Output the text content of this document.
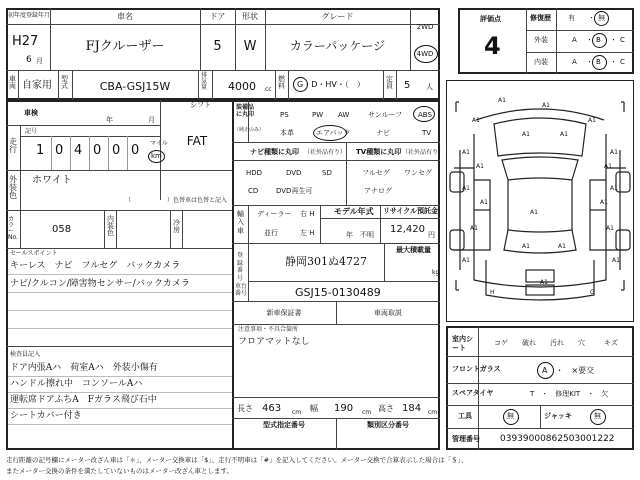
初年度登録年月	車名	ドア	形状	グレード
H27
6 月
FJクルーザー	5	W	カラーパッケージ
2WD
4WD
車両 自家用
型式	CBA-GSJ15W
排気量 4000 cc
燃料 G・D・HV・（　）
定員 5 人
シフト
FAT
車検
年	月
走行
記号
1 0 4 0 0 0 マイル
km
外装色
ホワイト
（　　　　　　）色替車は色替と記入
カラーNo.
058
内装色
冷房
セールスポイント
キーレス　ナビ　フルセグ　バックカメラ
ナビ/クルコン/障害物センサー/バックカメラ
検査員記入
ドア内張Aハ　荷室Aハ　外装小傷有
ハンドル擦れ中　コンソールAハ
運転席ドアふちA　Fガラス飛び石中
シートカバー付き
装備品に丸印
（純正のみ）
PS	PW AW	サンルーフ ABS
本革	エアバック	ナビ	TV
ナビ種類に丸印 （社外品有り） TV種類に丸印 （社外品有り）
HDD	DVD	SD
CD	DVD再生可
フルセグ ワンセグ
アナログ
輸入車
ディーラー 右 H
並行	左 H
モデル年式
年　不明
リサイクル預託金
12,420 円
登録番号
静岡301ぬ4727
最大積載量
kg
車台番号	GSJ15-0130489
新車保証書	車両取説
注意事項・不具合箇所
フロアマットなし
長さ 463 cm 幅 190 cm 高さ 184 cm
型式指定番号	類別区分番号
評価点
4
修復歴
外装
内装
有 ・ 無
A ・ B ・ C
A ・ B ・ C
A1
A1
A1
A1
A1	A1
A1	A1
A1	A1
A1	A1
A1	A1
A1
A1	A1
A1	A1
A1	A1
A1
H	G
室内シート
コゲ 破れ 汚れ 穴	キズ
フロントガラス	A　・　×要交
スペアタイヤ	T　・　修理KIT　・　欠
工具	無	ジャッキ	無
管理番号 03939000862503001222
走行距離の記号欄にメーター改ざん車は「＊」、メーター交換車は「$」、走行不明車は「#」を記入してください。メーター交換で合算表示した場合は「＄」、
またメーター交換の条件を満たしていないものはメーター改ざん車とします。
